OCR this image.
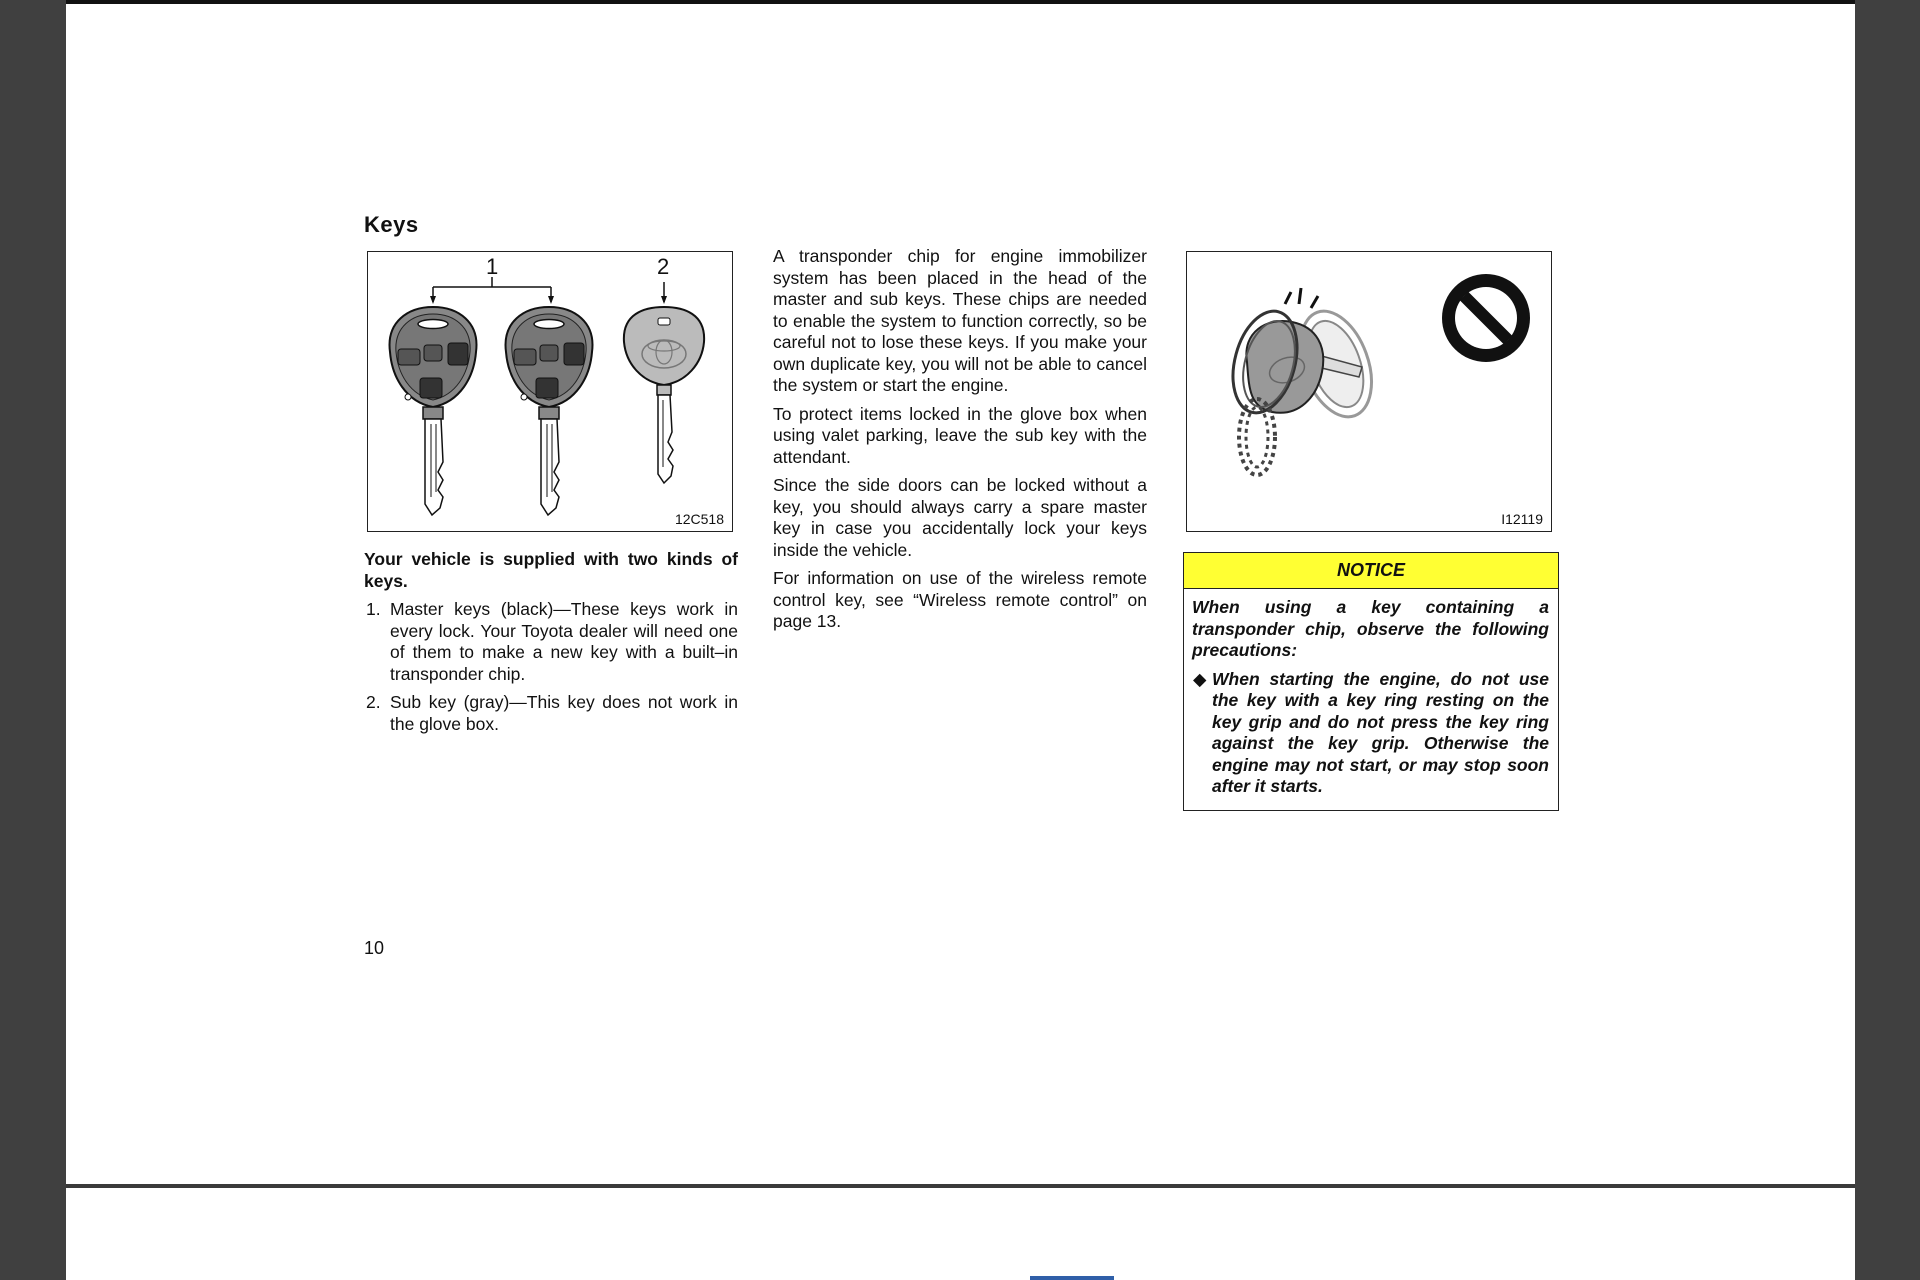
Keys
1	2
12C518	I12119

Your vehicle is supplied with two kinds of keys.

1. Master keys (black)—These keys work in every lock. Your Toyota dealer will need one of them to make a new key with a built–in transponder chip.
2. Sub key (gray)—This key does not work in the glove box.

A transponder chip for engine immobilizer system has been placed in the head of the master and sub keys. These chips are needed to enable the system to function correctly, so be careful not to lose these keys. If you make your own duplicate key, you will not be able to cancel the system or start the engine.

To protect items locked in the glove box when using valet parking, leave the sub key with the attendant.

Since the side doors can be locked without a key, you should always carry a spare master key in case you accidentally lock your keys inside the vehicle.

For information on use of the wireless remote control key, see “Wireless remote control” on page 13.

NOTICE

When using a key containing a transponder chip, observe the following precautions:

◆ When starting the engine, do not use the key with a key ring resting on the key grip and do not press the key ring against the key grip. Otherwise the engine may not start, or may stop soon after it starts.
10
